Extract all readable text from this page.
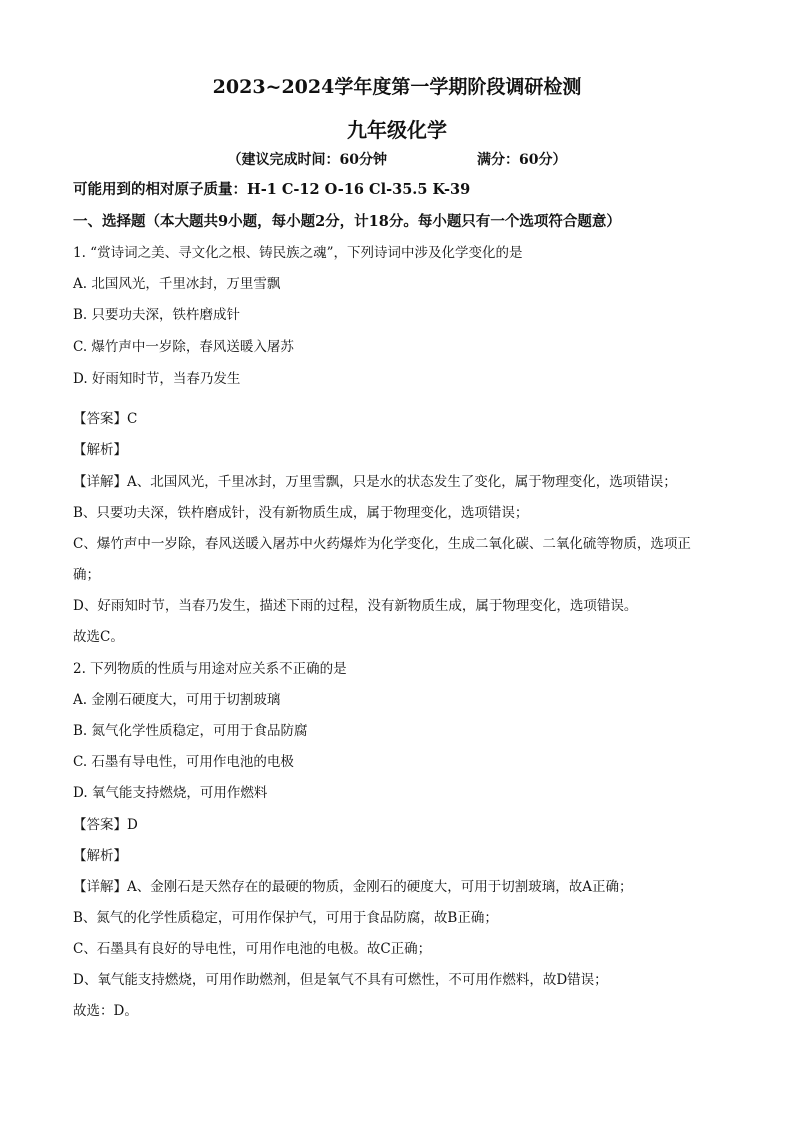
2023~2024学年度第一学期阶段调研检测
九年级化学
（建议完成时间：60分钟	满分：60分）
可能用到的相对原子质量：H-1 C-12 O-16 Cl-35.5 K-39
一、选择题（本大题共9小题，每小题2分，计18分。每小题只有一个选项符合题意）
1. “赏诗词之美、寻文化之根、铸民族之魂”，下列诗词中涉及化学变化的是
A. 北国风光，千里冰封，万里雪飘
B. 只要功夫深，铁杵磨成针
C. 爆竹声中一岁除，春风送暖入屠苏
D. 好雨知时节，当春乃发生
【答案】C
【解析】
【详解】A、北国风光，千里冰封，万里雪飘，只是水的状态发生了变化，属于物理变化，选项错误；
B、只要功夫深，铁杵磨成针，没有新物质生成，属于物理变化，选项错误；
C、爆竹声中一岁除，春风送暖入屠苏中火药爆炸为化学变化，生成二氧化碳、二氧化硫等物质，选项正
确；
D、好雨知时节，当春乃发生，描述下雨的过程，没有新物质生成，属于物理变化，选项错误。
故选C。
2. 下列物质的性质与用途对应关系不正确的是
A. 金刚石硬度大，可用于切割玻璃
B. 氮气化学性质稳定，可用于食品防腐
C. 石墨有导电性，可用作电池的电极
D. 氧气能支持燃烧，可用作燃料
【答案】D
【解析】
【详解】A、金刚石是天然存在的最硬的物质，金刚石的硬度大，可用于切割玻璃，故A正确；
B、氮气的化学性质稳定，可用作保护气，可用于食品防腐，故B正确；
C、石墨具有良好的导电性，可用作电池的电极。故C正确；
D、氧气能支持燃烧，可用作助燃剂，但是氧气不具有可燃性，不可用作燃料，故D错误；
故选：D。
